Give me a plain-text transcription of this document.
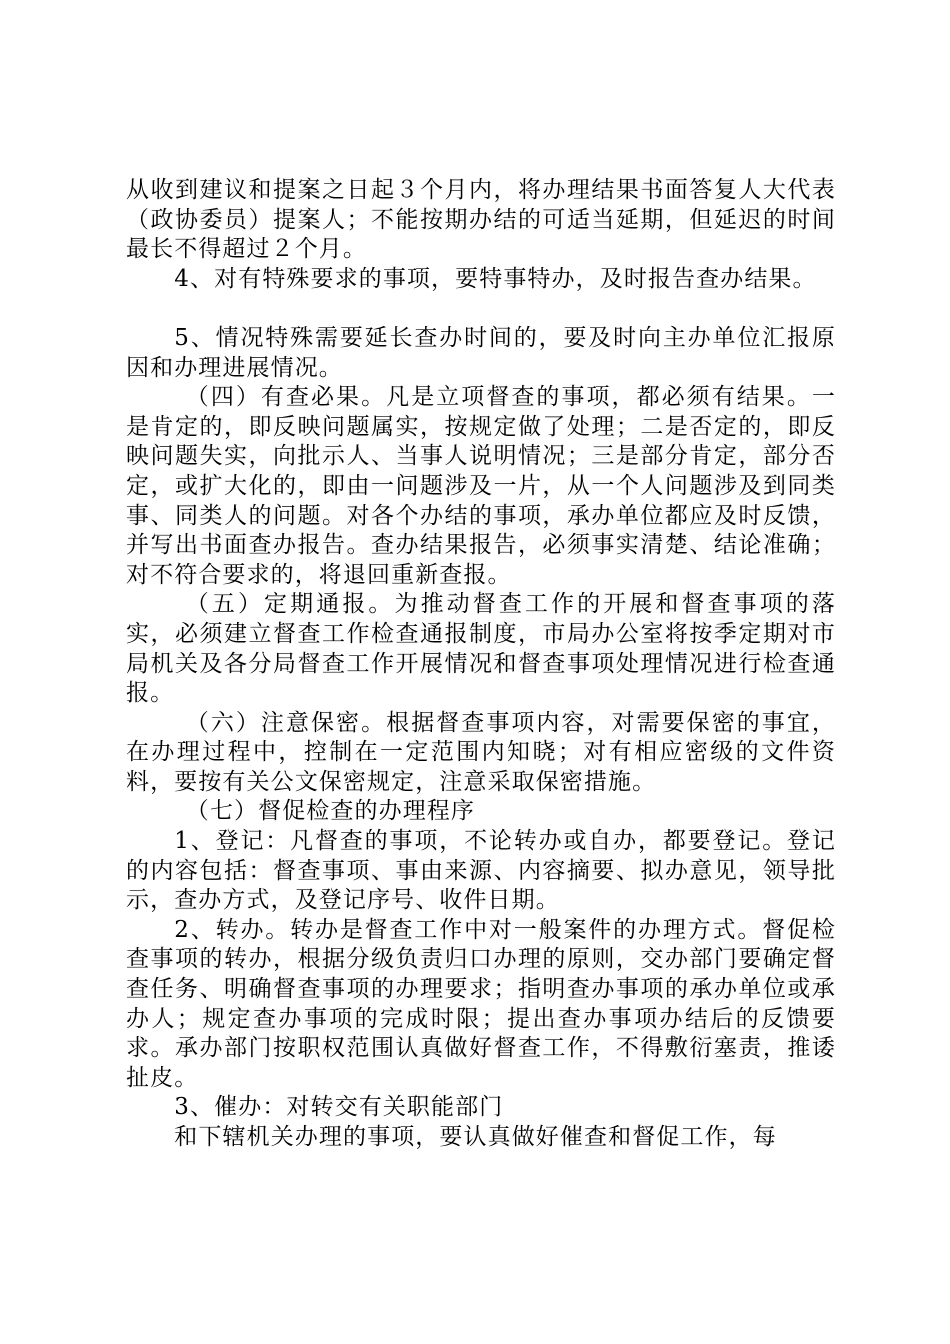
从收到建议和提案之日起３个月内，将办理结果书面答复人大代表（政协委员）提案人；不能按期办结的可适当延期，但延迟的时间最长不得超过２个月。

4、对有特殊要求的事项，要特事特办，及时报告查办结果。

5、情况特殊需要延长查办时间的，要及时向主办单位汇报原因和办理进展情况。

（四）有查必果。凡是立项督查的事项，都必须有结果。一是肯定的，即反映问题属实，按规定做了处理；二是否定的，即反映问题失实，向批示人、当事人说明情况；三是部分肯定，部分否定，或扩大化的，即由一问题涉及一片，从一个人问题涉及到同类事、同类人的问题。对各个办结的事项，承办单位都应及时反馈，并写出书面查办报告。查办结果报告，必须事实清楚、结论准确；对不符合要求的，将退回重新查报。

（五）定期通报。为推动督查工作的开展和督查事项的落实，必须建立督查工作检查通报制度，市局办公室将按季定期对市局机关及各分局督查工作开展情况和督查事项处理情况进行检查通报。

（六）注意保密。根据督查事项内容，对需要保密的事宜，在办理过程中，控制在一定范围内知晓；对有相应密级的文件资料，要按有关公文保密规定，注意采取保密措施。

（七）督促检查的办理程序

1、登记：凡督查的事项，不论转办或自办，都要登记。登记的内容包括：督查事项、事由来源、内容摘要、拟办意见，领导批示，查办方式，及登记序号、收件日期。

2、转办。转办是督查工作中对一般案件的办理方式。督促检查事项的转办，根据分级负责归口办理的原则，交办部门要确定督查任务、明确督查事项的办理要求；指明查办事项的承办单位或承办人；规定查办事项的完成时限；提出查办事项办结后的反馈要求。承办部门按职权范围认真做好督查工作，不得敷衍塞责，推诿扯皮。

3、催办：对转交有关职能部门

和下辖机关办理的事项，要认真做好催查和督促工作，每
